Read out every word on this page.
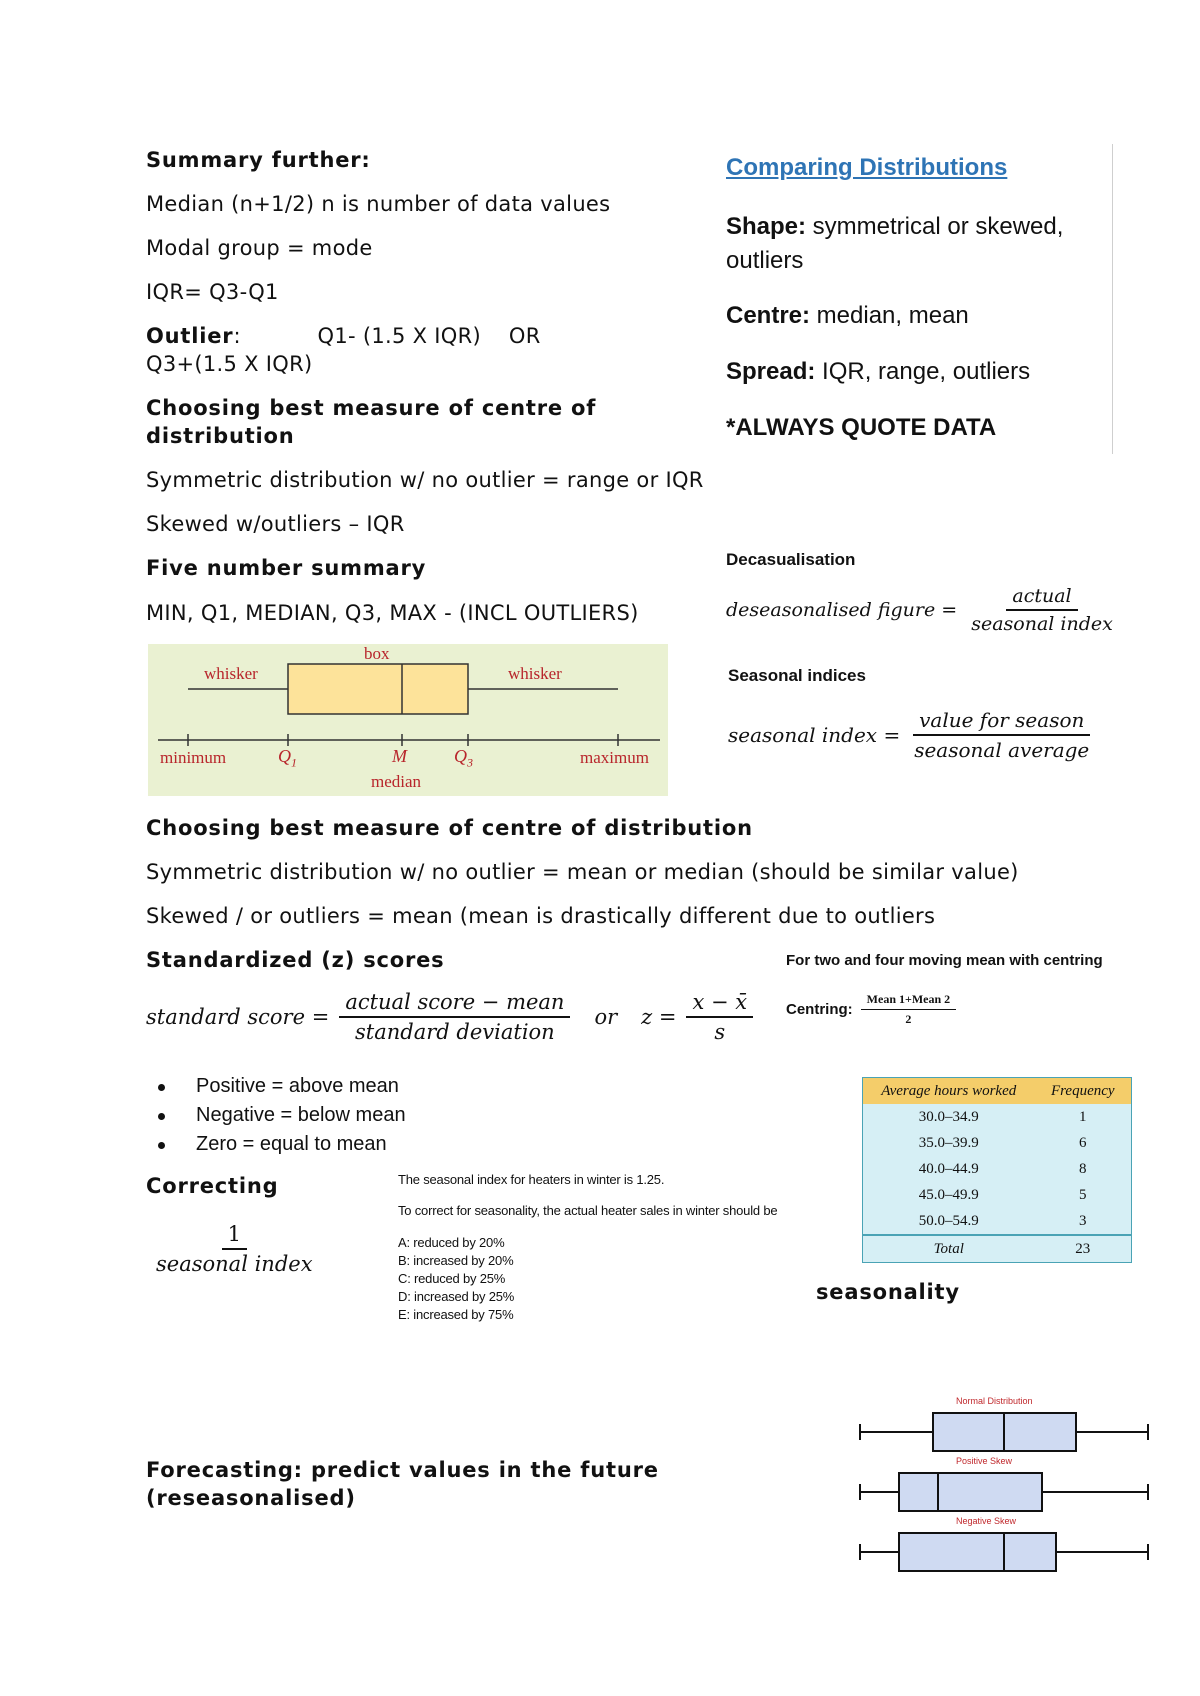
Summary further:
Median (n+1/2) n is number of data values
Modal group = mode
IQR= Q3-Q1
Outlier:           Q1- (1.5 X IQR)    OR
Q3+(1.5 X IQR)
Choosing best measure of centre of
distribution
Symmetric distribution w/ no outlier = range or IQR
Skewed w/outliers – IQR
Five number summary
MIN, Q1, MEDIAN, Q3, MAX - (INCL OUTLIERS)
box
whisker	whisker
minimum	$Q_1$	M	$Q_3$	maximum
median
Choosing best measure of centre of distribution
Symmetric distribution w/ no outlier = mean or median (should be similar value)
Skewed / or outliers = mean (mean is drastically different due to outliers
Standardized (z) scores
standard score = $\frac{\text{actual score − mean}}{\text{standard deviation}}$ or $z = \frac{x - x̄}{s}$
Positive = above mean
Negative = below mean
Zero = equal to mean
Correcting
$\frac{1}{\text{seasonal index}}$
The seasonal index for heaters in winter is 1.25.
To correct for seasonality, the actual heater sales in winter should be
A: reduced by 20%
B: increased by 20%
C: reduced by 25%
D: increased by 25%
E: increased by 75%
Forecasting: predict values in the future
(reseasonalised)
Comparing Distributions
Shape: symmetrical or skewed,
outliers
Centre: median, mean
Spread: IQR, range, outliers
*ALWAYS QUOTE DATA
Decasualisation
deseasonalised figure = $\frac{\text{actual}}{\text{seasonal index}}$
Seasonal indices
seasonal index = $\frac{\text{value for season}}{\text{seasonal average}}$
For two and four moving mean with centring
Centring: $\frac{\text{Mean 1+Mean 2}}{2}$
Average hours worked	Frequency
30.0–34.9	1
35.0–39.9	6
40.0–44.9	8
45.0–49.9	5
50.0–54.9	3
Total	23
seasonality
Normal Distribution
Positive Skew
Negative Skew
